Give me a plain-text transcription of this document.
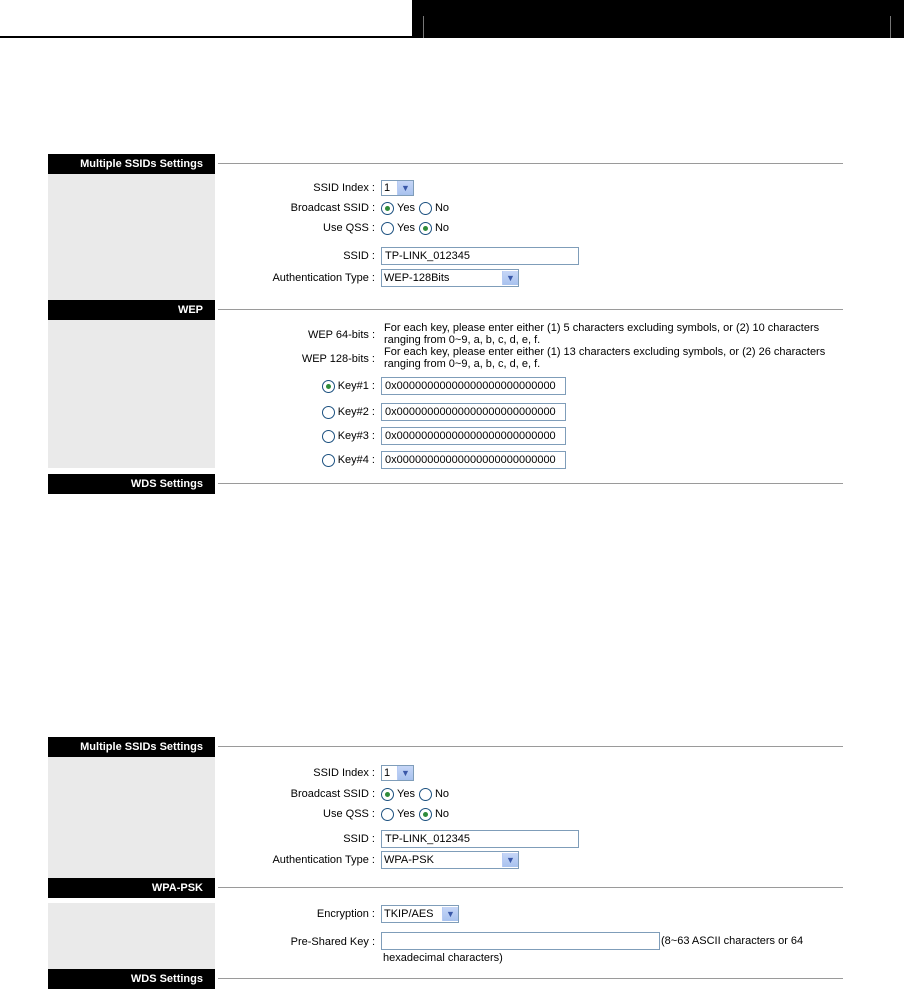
Multiple SSIDs Settings
SSID Index : 1	▼
Broadcast SSID : Yes No
Use QSS : Yes No
SSID : TP-LINK_012345
Authentication Type : WEP-128Bits	▼
WEP
WEP 64-bits :
For each key, please enter either (1) 5 characters excluding symbols, or (2) 10 characters ranging from 0~9, a, b, c, d, e, f.
WEP 128-bits :
For each key, please enter either (1) 13 characters excluding symbols, or (2) 26 characters ranging from 0~9, a, b, c, d, e, f.
Key#1 : 0x00000000000000000000000000
Key#2 : 0x00000000000000000000000000
Key#3 : 0x00000000000000000000000000
Key#4 : 0x00000000000000000000000000
WDS Settings
Multiple SSIDs Settings
SSID Index : 1	▼
Broadcast SSID : Yes No
Use QSS : Yes No
SSID : TP-LINK_012345
Authentication Type : WPA-PSK	▼
WPA-PSK
Encryption : TKIP/AES	▼
Pre-Shared Key :	(8~63 ASCII characters or 64
hexadecimal characters)
WDS Settings
